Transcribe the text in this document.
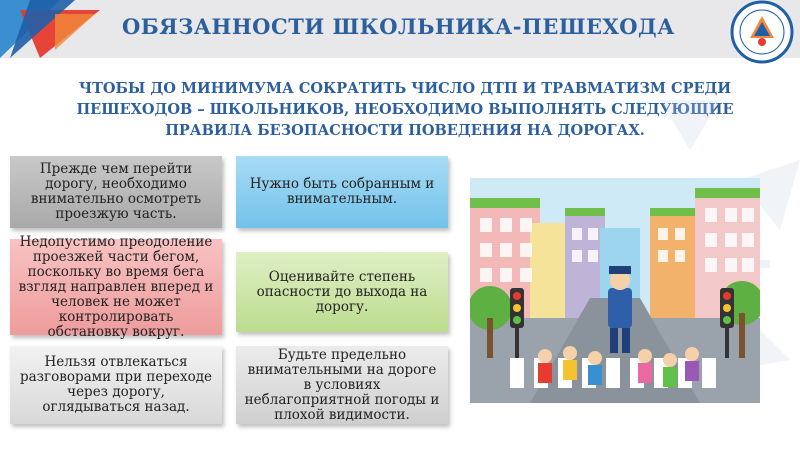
ОБЯЗАННОСТИ ШКОЛЬНИКА-ПЕШЕХОДА
ЧТОБЫ ДО МИНИМУМА СОКРАТИТЬ ЧИСЛО ДТП И ТРАВМАТИЗМ СРЕДИ ПЕШЕХОДОВ – ШКОЛЬНИКОВ, НЕОБХОДИМО ВЫПОЛНЯТЬ СЛЕДУЮЩИЕ ПРАВИЛА БЕЗОПАСНОСТИ ПОВЕДЕНИЯ НА ДОРОГАХ.
Прежде чем перейти дорогу, необходимо внимательно осмотреть проезжую часть.
Недопустимо преодоление проезжей части бегом, поскольку во время бега взгляд направлен вперед и человек не может контролировать обстановку вокруг.
Нельзя отвлекаться разговорами при переходе через дорогу, оглядываться назад.
Нужно быть собранным и внимательным.
Оценивайте степень опасности до выхода на дорогу.
Будьте предельно внимательными на дороге в условиях неблагоприятной погоды и плохой видимости.
